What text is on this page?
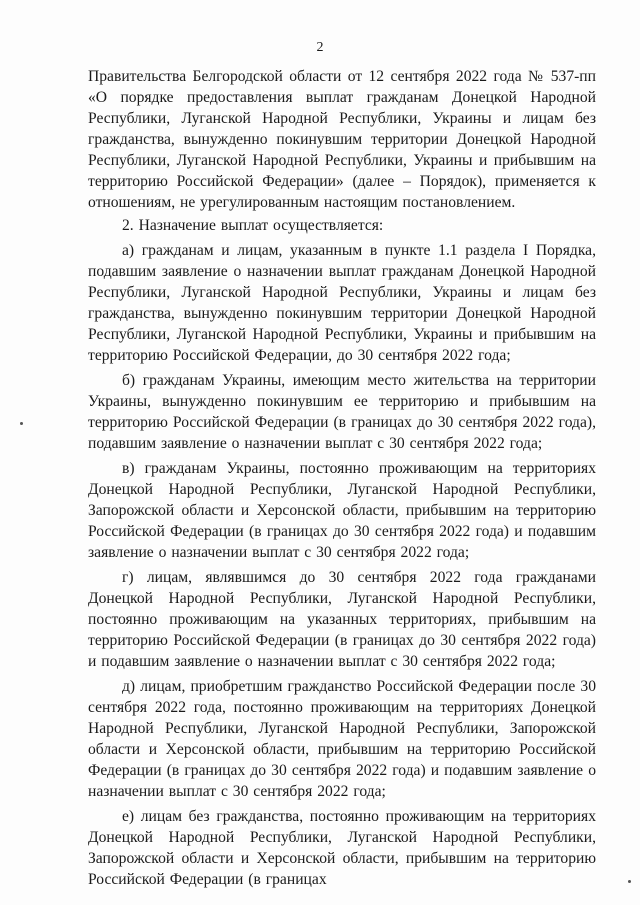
2

Правительства Белгородской области от 12 сентября 2022 года № 537-пп «О порядке предоставления выплат гражданам Донецкой Народной Республики, Луганской Народной Республики, Украины и лицам без гражданства, вынужденно покинувшим территории Донецкой Народной Республики, Луганской Народной Республики, Украины и прибывшим на территорию Российской Федерации» (далее – Порядок), применяется к отношениям, не урегулированным настоящим постановлением.

2. Назначение выплат осуществляется:

а) гражданам и лицам, указанным в пункте 1.1 раздела I Порядка, подавшим заявление о назначении выплат гражданам Донецкой Народной Республики, Луганской Народной Республики, Украины и лицам без гражданства, вынужденно покинувшим территории Донецкой Народной Республики, Луганской Народной Республики, Украины и прибывшим на территорию Российской Федерации, до 30 сентября 2022 года;

б) гражданам Украины, имеющим место жительства на территории Украины, вынужденно покинувшим ее территорию и прибывшим на территорию Российской Федерации (в границах до 30 сентября 2022 года), подавшим заявление о назначении выплат с 30 сентября 2022 года;

в) гражданам Украины, постоянно проживающим на территориях Донецкой Народной Республики, Луганской Народной Республики, Запорожской области и Херсонской области, прибывшим на территорию Российской Федерации (в границах до 30 сентября 2022 года) и подавшим заявление о назначении выплат с 30 сентября 2022 года;

г) лицам, являвшимся до 30 сентября 2022 года гражданами Донецкой Народной Республики, Луганской Народной Республики, постоянно проживающим на указанных территориях, прибывшим на территорию Российской Федерации (в границах до 30 сентября 2022 года) и подавшим заявление о назначении выплат с 30 сентября 2022 года;

д) лицам, приобретшим гражданство Российской Федерации после 30 сентября 2022 года, постоянно проживающим на территориях Донецкой Народной Республики, Луганской Народной Республики, Запорожской области и Херсонской области, прибывшим на территорию Российской Федерации (в границах до 30 сентября 2022 года) и подавшим заявление о назначении выплат с 30 сентября 2022 года;

е) лицам без гражданства, постоянно проживающим на территориях Донецкой Народной Республики, Луганской Народной Республики, Запорожской области и Херсонской области, прибывшим на территорию Российской Федерации (в границах
